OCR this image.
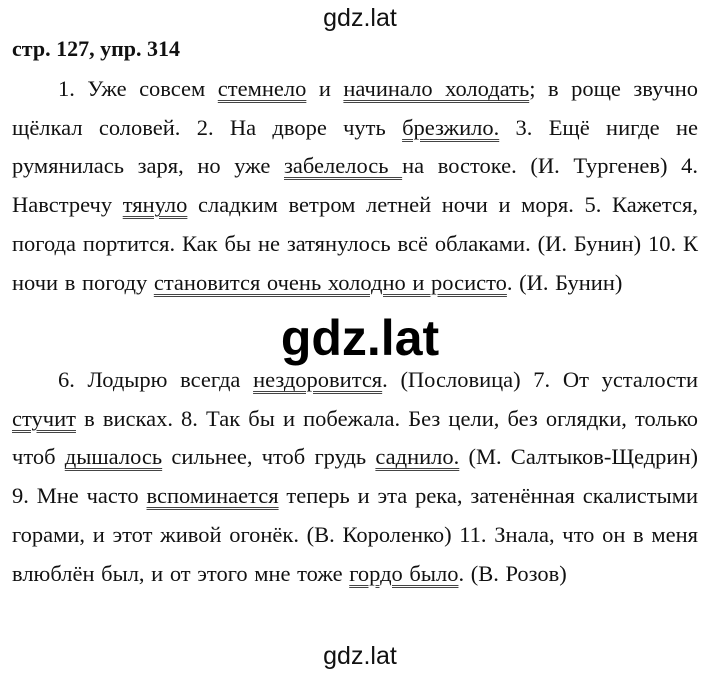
gdz.lat
стр. 127, упр. 314

1. Уже совсем стемнело и начинало холодать; в роще звучно щёлкал соловей. 2. На дворе чуть брезжило. 3. Ещё нигде не румянилась заря, но уже забелелось на востоке. (И. Тургенев) 4. Навстречу тянуло сладким ветром летней ночи и моря. 5. Кажется, погода портится. Как бы не затянулось всё облаками. (И. Бунин) 10. К ночи в погоду становится очень холодно и росисто. (И. Бунин)

gdz.lat

6. Лодырю всегда нездоровится. (Пословица) 7. От усталости стучит в висках. 8. Так бы и побежала. Без цели, без оглядки, только чтоб дышалось сильнее, чтоб грудь саднило. (М. Салтыков-Щедрин) 9. Мне часто вспоминается теперь и эта река, затенённая скалистыми горами, и этот живой огонёк. (В. Короленко) 11. Знала, что он в меня влюблён был, и от этого мне тоже гордо было. (В. Розов)

gdz.lat
